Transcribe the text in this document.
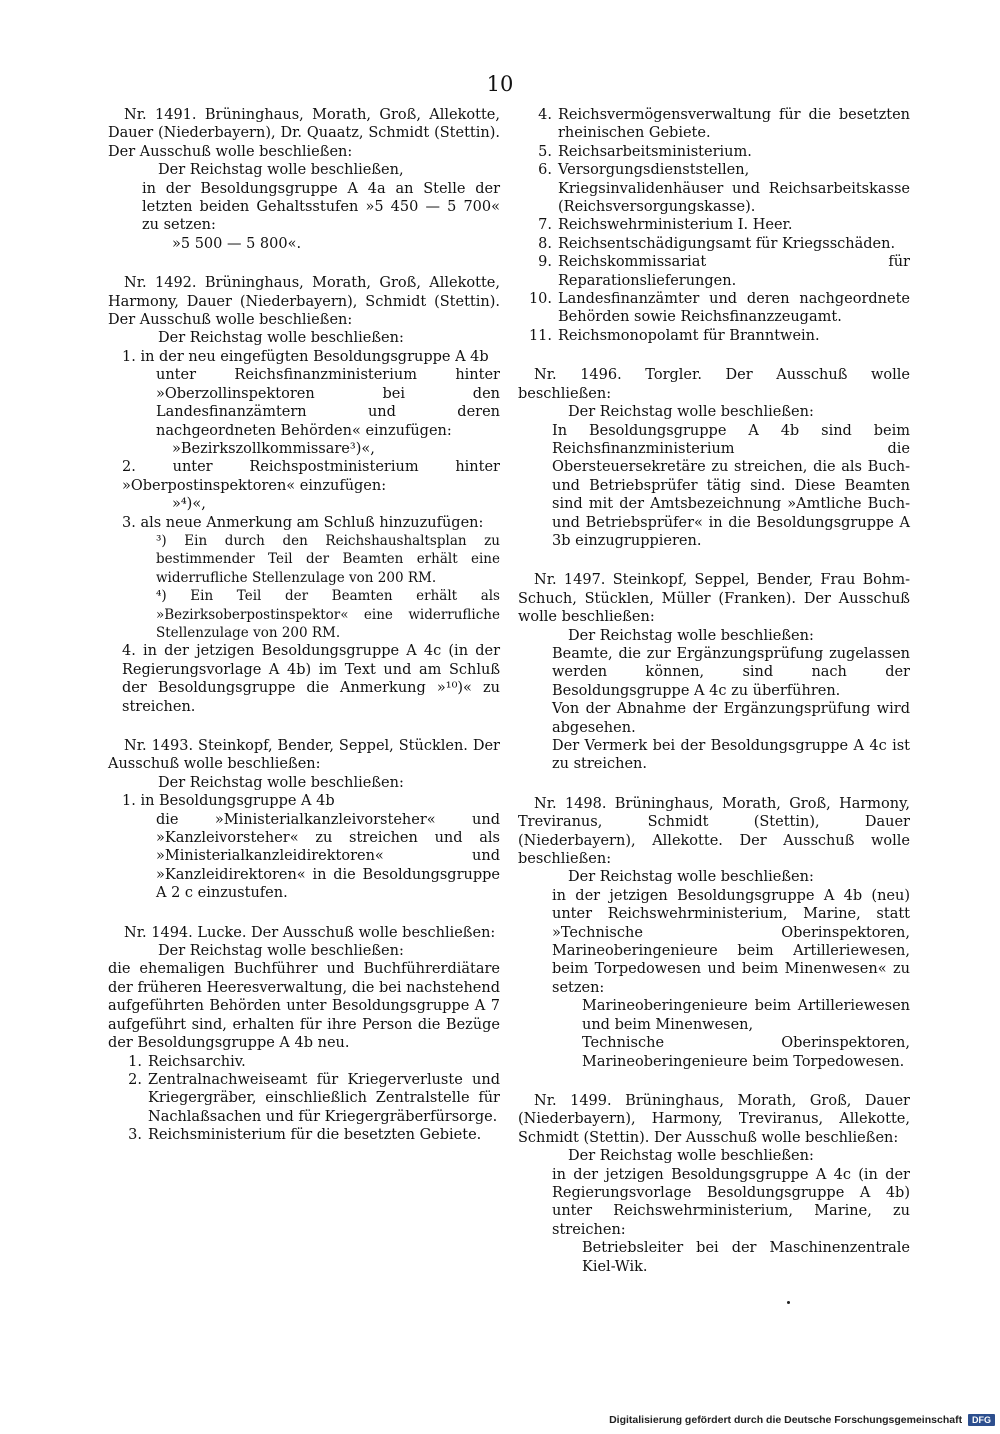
10

Nr. 1491. Brüninghaus, Morath, Groß, Allekotte, Dauer (Niederbayern), Dr. Quaatz, Schmidt (Stettin). Der Ausschuß wolle beschließen:

Der Reichstag wolle beschließen,

in der Besoldungsgruppe A 4a an Stelle der letzten beiden Gehaltsstufen »5 450 — 5 700« zu setzen:

»5 500 — 5 800«.

Nr. 1492. Brüninghaus, Morath, Groß, Allekotte, Harmony, Dauer (Niederbayern), Schmidt (Stettin). Der Ausschuß wolle beschließen:

Der Reichstag wolle beschließen:

1. in der neu eingefügten Besoldungsgruppe A 4b

unter Reichsfinanzministerium hinter »Oberzollinspektoren bei den Landesfinanzämtern und deren nachgeordneten Behörden« einzufügen:

»Bezirkszollkommissare³)«,

2. unter Reichspostministerium hinter »Oberpostinspektoren« einzufügen:

»⁴)«,

3. als neue Anmerkung am Schluß hinzuzufügen:

³) Ein durch den Reichshaushaltsplan zu bestimmender Teil der Beamten erhält eine widerrufliche Stellenzulage von 200 RM.

⁴) Ein Teil der Beamten erhält als »Bezirksoberpostinspektor« eine widerrufliche Stellenzulage von 200 RM.

4. in der jetzigen Besoldungsgruppe A 4c (in der Regierungsvorlage A 4b) im Text und am Schluß der Besoldungsgruppe die Anmerkung »¹⁰)« zu streichen.

Nr. 1493. Steinkopf, Bender, Seppel, Stücklen. Der Ausschuß wolle beschließen:

Der Reichstag wolle beschließen:

1. in Besoldungsgruppe A 4b

die »Ministerialkanzleivorsteher« und »Kanzleivorsteher« zu streichen und als »Ministerialkanzleidirektoren« und »Kanzleidirektoren« in die Besoldungsgruppe A 2 c einzustufen.

Nr. 1494. Lucke. Der Ausschuß wolle beschließen:

Der Reichstag wolle beschließen:

die ehemaligen Buchführer und Buchführerdiätare der früheren Heeresverwaltung, die bei nachstehend aufgeführten Behörden unter Besoldungsgruppe A 7 aufgeführt sind, erhalten für ihre Person die Bezüge der Besoldungsgruppe A 4b neu.

1. Reichsarchiv.
2. Zentralnachweiseamt für Kriegerverluste und Kriegergräber, einschließlich Zentralstelle für Nachlaßsachen und für Kriegergräberfürsorge.
3. Reichsministerium für die besetzten Gebiete.
4. Reichsvermögensverwaltung für die besetzten rheinischen Gebiete.
5. Reichsarbeitsministerium.
6. Versorgungsdienststellen, Kriegsinvalidenhäuser und Reichsarbeitskasse (Reichsversorgungskasse).
7. Reichswehrministerium I. Heer.
8. Reichsentschädigungsamt für Kriegsschäden.
9. Reichskommissariat für Reparationslieferungen.
10. Landesfinanzämter und deren nachgeordnete Behörden sowie Reichsfinanzzeugamt.
11. Reichsmonopolamt für Branntwein.

Nr. 1496. Torgler. Der Ausschuß wolle beschließen:

Der Reichstag wolle beschließen:

In Besoldungsgruppe A 4b sind beim Reichsfinanzministerium die Obersteuersekretäre zu streichen, die als Buch- und Betriebsprüfer tätig sind. Diese Beamten sind mit der Amtsbezeichnung »Amtliche Buch- und Betriebsprüfer« in die Besoldungsgruppe A 3b einzugruppieren.

Nr. 1497. Steinkopf, Seppel, Bender, Frau Bohm-Schuch, Stücklen, Müller (Franken). Der Ausschuß wolle beschließen:

Der Reichstag wolle beschließen:

Beamte, die zur Ergänzungsprüfung zugelassen werden können, sind nach der Besoldungsgruppe A 4c zu überführen.

Von der Abnahme der Ergänzungsprüfung wird abgesehen.

Der Vermerk bei der Besoldungsgruppe A 4c ist zu streichen.

Nr. 1498. Brüninghaus, Morath, Groß, Harmony, Treviranus, Schmidt (Stettin), Dauer (Niederbayern), Allekotte. Der Ausschuß wolle beschließen:

Der Reichstag wolle beschließen:

in der jetzigen Besoldungsgruppe A 4b (neu) unter Reichswehrministerium, Marine, statt »Technische Oberinspektoren, Marineoberingenieure beim Artilleriewesen, beim Torpedowesen und beim Minenwesen« zu setzen:

Marineoberingenieure beim Artilleriewesen und beim Minenwesen,

Technische Oberinspektoren, Marineoberingenieure beim Torpedowesen.

Nr. 1499. Brüninghaus, Morath, Groß, Dauer (Niederbayern), Harmony, Treviranus, Allekotte, Schmidt (Stettin). Der Ausschuß wolle beschließen:

Der Reichstag wolle beschließen:

in der jetzigen Besoldungsgruppe A 4c (in der Regierungsvorlage Besoldungsgruppe A 4b) unter Reichswehrministerium, Marine, zu streichen:

Betriebsleiter bei der Maschinenzentrale Kiel-Wik.

Digitalisierung gefördert durch die Deutsche Forschungsgemeinschaft DFG
